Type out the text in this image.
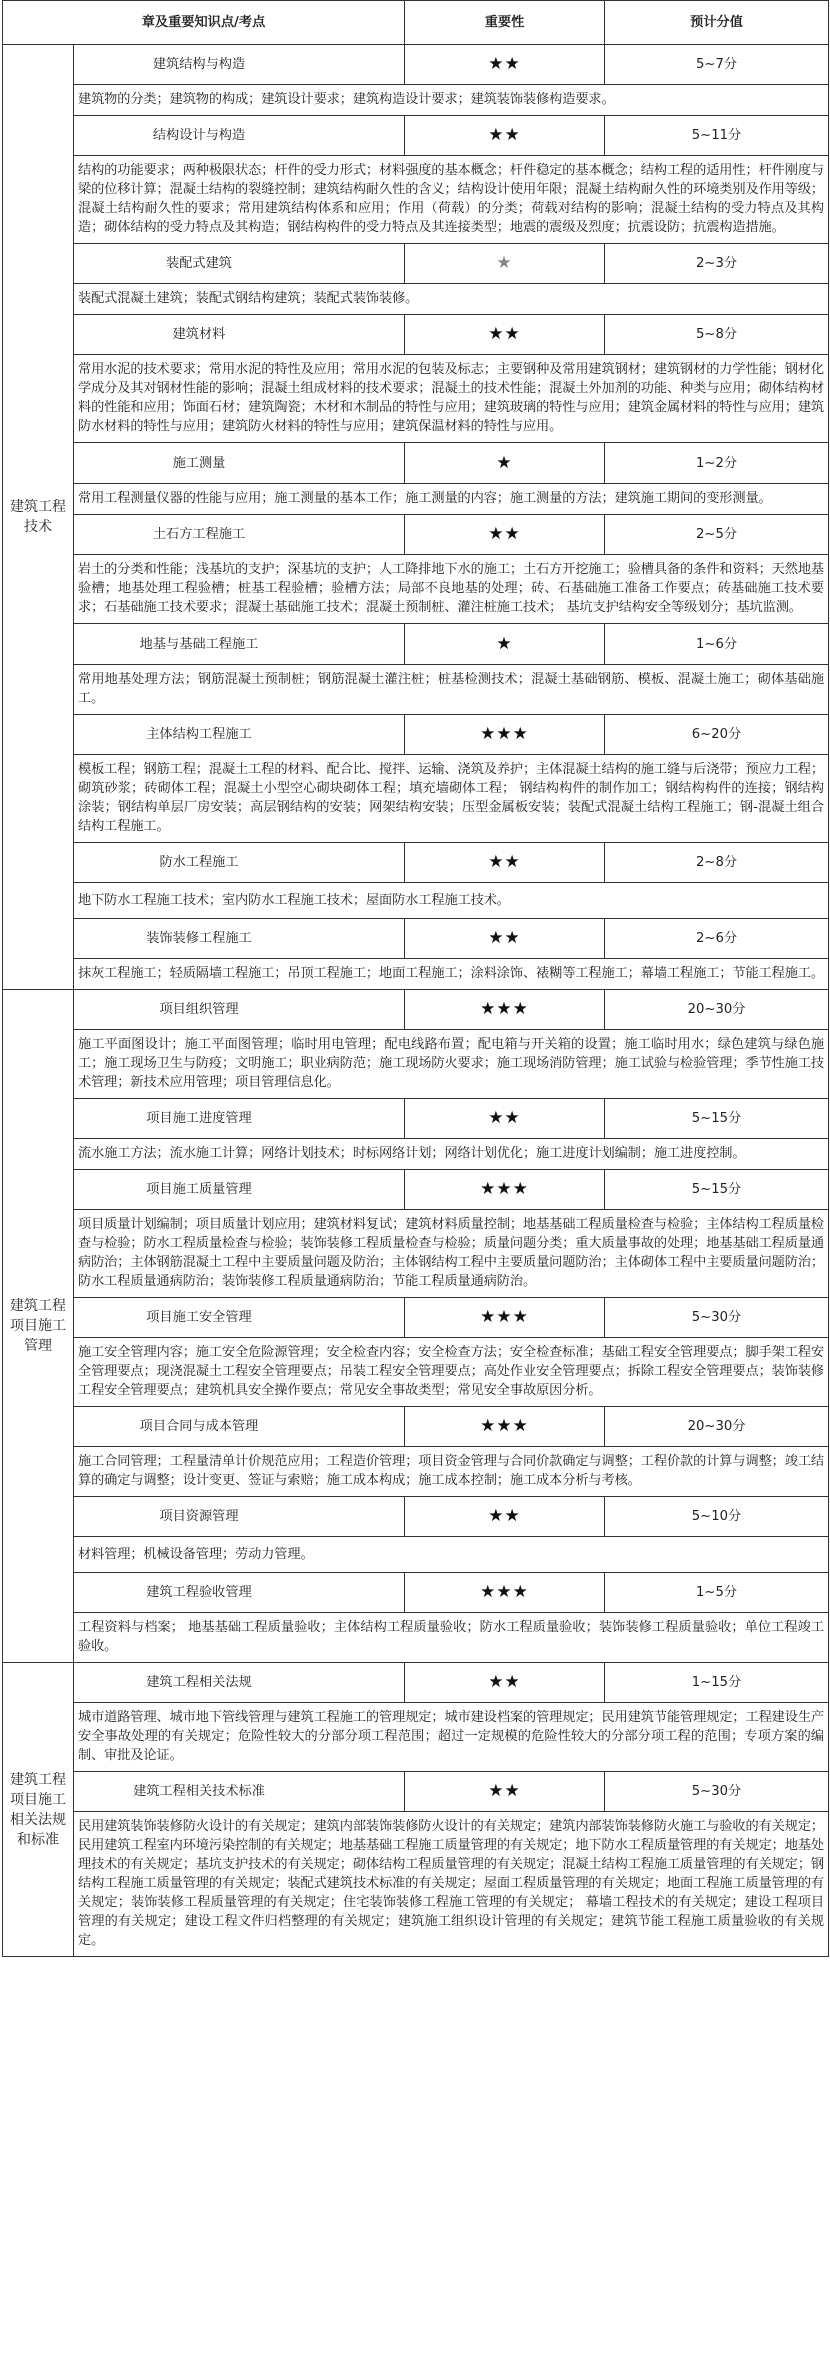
章及重要知识点/考点		重要性	预计分值
建筑工程技术	建筑结构与构造	★★	5~7分
	建筑物的分类；建筑物的构成；建筑设计要求；建筑构造设计要求；建筑装饰装修构造要求。		
	结构设计与构造	★★	5~11分
	结构的功能要求；两种极限状态；杆件的受力形式；材料强度的基本概念；杆件稳定的基本概念；结构工程的适用性；杆件刚度与梁的位移计算；混凝土结构的裂缝控制；建筑结构耐久性的含义；结构设计使用年限；混凝土结构耐久性的环境类别及作用等级；混凝土结构耐久性的要求；常用建筑结构体系和应用；作用（荷载）的分类；荷载对结构的影响；混凝土结构的受力特点及其构造；砌体结构的受力特点及其构造；钢结构构件的受力特点及其连接类型；地震的震级及烈度；抗震设防；抗震构造措施。		
	装配式建筑	★	2~3分
	装配式混凝土建筑；装配式钢结构建筑；装配式装饰装修。		
	建筑材料	★★	5~8分
	常用水泥的技术要求；常用水泥的特性及应用；常用水泥的包装及标志；主要钢种及常用建筑钢材；建筑钢材的力学性能；钢材化学成分及其对钢材性能的影响；混凝土组成材料的技术要求；混凝土的技术性能；混凝土外加剂的功能、种类与应用；砌体结构材料的性能和应用；饰面石材；建筑陶瓷；木材和木制品的特性与应用；建筑玻璃的特性与应用；建筑金属材料的特性与应用；建筑防水材料的特性与应用；建筑防火材料的特性与应用；建筑保温材料的特性与应用。		
	施工测量	★	1~2分
	常用工程测量仪器的性能与应用；施工测量的基本工作；施工测量的内容；施工测量的方法；建筑施工期间的变形测量。		
	土石方工程施工	★★	2~5分
	岩土的分类和性能；浅基坑的支护；深基坑的支护；人工降排地下水的施工；土石方开挖施工；验槽具备的条件和资料；天然地基验槽；地基处理工程验槽；桩基工程验槽；验槽方法；局部不良地基的处理；砖、石基础施工准备工作要点；砖基础施工技术要求；石基础施工技术要求；混凝土基础施工技术；混凝土预制桩、灌注桩施工技术； 基坑支护结构安全等级划分；基坑监测。		
	地基与基础工程施工	★	1~6分
	常用地基处理方法；钢筋混凝土预制桩；钢筋混凝土灌注桩；桩基检测技术；混凝土基础钢筋、模板、混凝土施工；砌体基础施工。		
	主体结构工程施工	★★★	6~20分
	模板工程；钢筋工程；混凝土工程的材料、配合比、搅拌、运输、浇筑及养护；主体混凝土结构的施工缝与后浇带；预应力工程；砌筑砂浆；砖砌体工程；混凝土小型空心砌块砌体工程；填充墙砌体工程； 钢结构构件的制作加工；钢结构构件的连接；钢结构涂装；钢结构单层厂房安装；高层钢结构的安装；网架结构安装；压型金属板安装；装配式混凝土结构工程施工；钢-混凝土组合结构工程施工。		
	防水工程施工	★★	2~8分
	地下防水工程施工技术；室内防水工程施工技术；屋面防水工程施工技术。		
	装饰装修工程施工	★★	2~6分
	抹灰工程施工；轻质隔墙工程施工；吊顶工程施工；地面工程施工；涂料涂饰、裱糊等工程施工；幕墙工程施工；节能工程施工。		
建筑工程项目施工管理	项目组织管理	★★★	20~30分
	施工平面图设计；施工平面图管理；临时用电管理；配电线路布置；配电箱与开关箱的设置；施工临时用水；绿色建筑与绿色施工；施工现场卫生与防疫；文明施工；职业病防范；施工现场防火要求；施工现场消防管理；施工试验与检验管理；季节性施工技术管理；新技术应用管理；项目管理信息化。		
	项目施工进度管理	★★	5~15分
	流水施工方法；流水施工计算；网络计划技术；时标网络计划；网络计划优化；施工进度计划编制；施工进度控制。		
	项目施工质量管理	★★★	5~15分
	项目质量计划编制；项目质量计划应用；建筑材料复试；建筑材料质量控制；地基基础工程质量检查与检验；主体结构工程质量检查与检验；防水工程质量检查与检验；装饰装修工程质量检查与检验；质量问题分类；重大质量事故的处理；地基基础工程质量通病防治；主体钢筋混凝土工程中主要质量问题及防治；主体钢结构工程中主要质量问题防治；主体砌体工程中主要质量问题防治；防水工程质量通病防治；装饰装修工程质量通病防治；节能工程质量通病防治。		
	项目施工安全管理	★★★	5~30分
	施工安全管理内容；施工安全危险源管理；安全检查内容；安全检查方法；安全检查标准；基础工程安全管理要点；脚手架工程安全管理要点；现浇混凝土工程安全管理要点；吊装工程安全管理要点；高处作业安全管理要点；拆除工程安全管理要点；装饰装修工程安全管理要点；建筑机具安全操作要点；常见安全事故类型；常见安全事故原因分析。		
	项目合同与成本管理	★★★	20~30分
	施工合同管理；工程量清单计价规范应用；工程造价管理；项目资金管理与合同价款确定与调整；工程价款的计算与调整；竣工结算的确定与调整；设计变更、签证与索赔；施工成本构成；施工成本控制；施工成本分析与考核。		
	项目资源管理	★★	5~10分
	材料管理；机械设备管理；劳动力管理。		
	建筑工程验收管理	★★★	1~5分
	工程资料与档案； 地基基础工程质量验收；主体结构工程质量验收；防水工程质量验收；装饰装修工程质量验收；单位工程竣工验收。		
建筑工程项目施工相关法规和标准	建筑工程相关法规	★★	1~15分
	城市道路管理、城市地下管线管理与建筑工程施工的管理规定；城市建设档案的管理规定；民用建筑节能管理规定；工程建设生产安全事故处理的有关规定；危险性较大的分部分项工程范围；超过一定规模的危险性较大的分部分项工程的范围；专项方案的编制、审批及论证。		
	建筑工程相关技术标准	★★	5~30分
	民用建筑装饰装修防火设计的有关规定；建筑内部装饰装修防火设计的有关规定；建筑内部装饰装修防火施工与验收的有关规定；民用建筑工程室内环境污染控制的有关规定；地基基础工程施工质量管理的有关规定；地下防水工程质量管理的有关规定；地基处理技术的有关规定；基坑支护技术的有关规定；砌体结构工程质量管理的有关规定；混凝土结构工程施工质量管理的有关规定；钢结构工程施工质量管理的有关规定；装配式建筑技术标准的有关规定；屋面工程质量管理的有关规定；地面工程施工质量管理的有关规定；装饰装修工程质量管理的有关规定；住宅装饰装修工程施工管理的有关规定； 幕墙工程技术的有关规定；建设工程项目管理的有关规定；建设工程文件归档整理的有关规定；建筑施工组织设计管理的有关规定；建筑节能工程施工质量验收的有关规定。		
